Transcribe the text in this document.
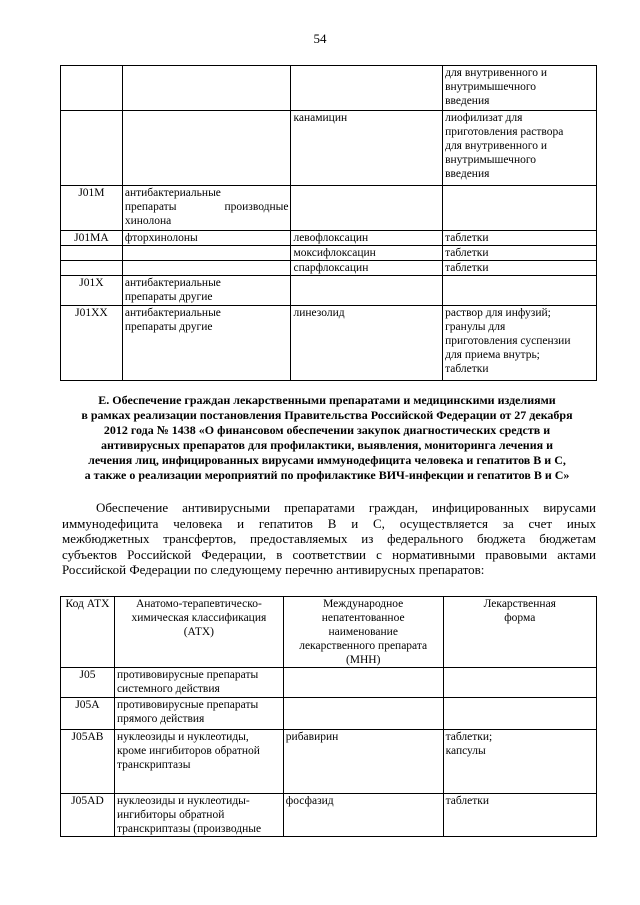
54

			для внутривенного и
внутримышечного
введения

		канамицин	лиофилизат для
приготовления раствора
для внутривенного и
внутримышечного
введения

J01M	антибактериальные
препараты производные
хинолона		

J01MA	фторхинолоны	левофлоксацин	таблетки

		моксифлоксацин	таблетки

		спарфлоксацин	таблетки

J01X	антибактериальные
препараты другие		

J01XX	антибактериальные
препараты другие	линезолид	раствор для инфузий;
гранулы для
приготовления суспензии
для приема внутрь;
таблетки
Е. Обеспечение граждан лекарственными препаратами и медицинскими изделиями
в рамках реализации постановления Правительства Российской Федерации от 27 декабря
2012 года № 1438 «О финансовом обеспечении закупок диагностических средств и
антивирусных препаратов для профилактики, выявления, мониторинга лечения и
лечения лиц, инфицированных вирусами иммунодефицита человека и гепатитов В и С,
а также о реализации мероприятий по профилактике ВИЧ-инфекции и гепатитов В и С»
Обеспечение антивирусными препаратами граждан, инфицированных вирусами
иммунодефицита человека и гепатитов В и С, осуществляется за счет иных
межбюджетных трансфертов, предоставляемых из федерального бюджета бюджетам
субъектов Российской Федерации, в соответствии с нормативными правовыми актами
Российской Федерации по следующему перечню антивирусных препаратов:
Код АТХ	Анатомо-терапевтическо-
химическая классификация
(АТХ)	Международное
непатентованное
наименование
лекарственного препарата
(МНН)	Лекарственная
форма

J05	противовирусные препараты
системного действия		

J05A	противовирусные препараты
прямого действия		

J05AB	нуклеозиды и нуклеотиды,
кроме ингибиторов обратной
транскриптазы	рибавирин	таблетки;
капсулы

J05AD	нуклеозиды и нуклеотиды-
ингибиторы обратной
транскриптазы (производные	фосфазид	таблетки
